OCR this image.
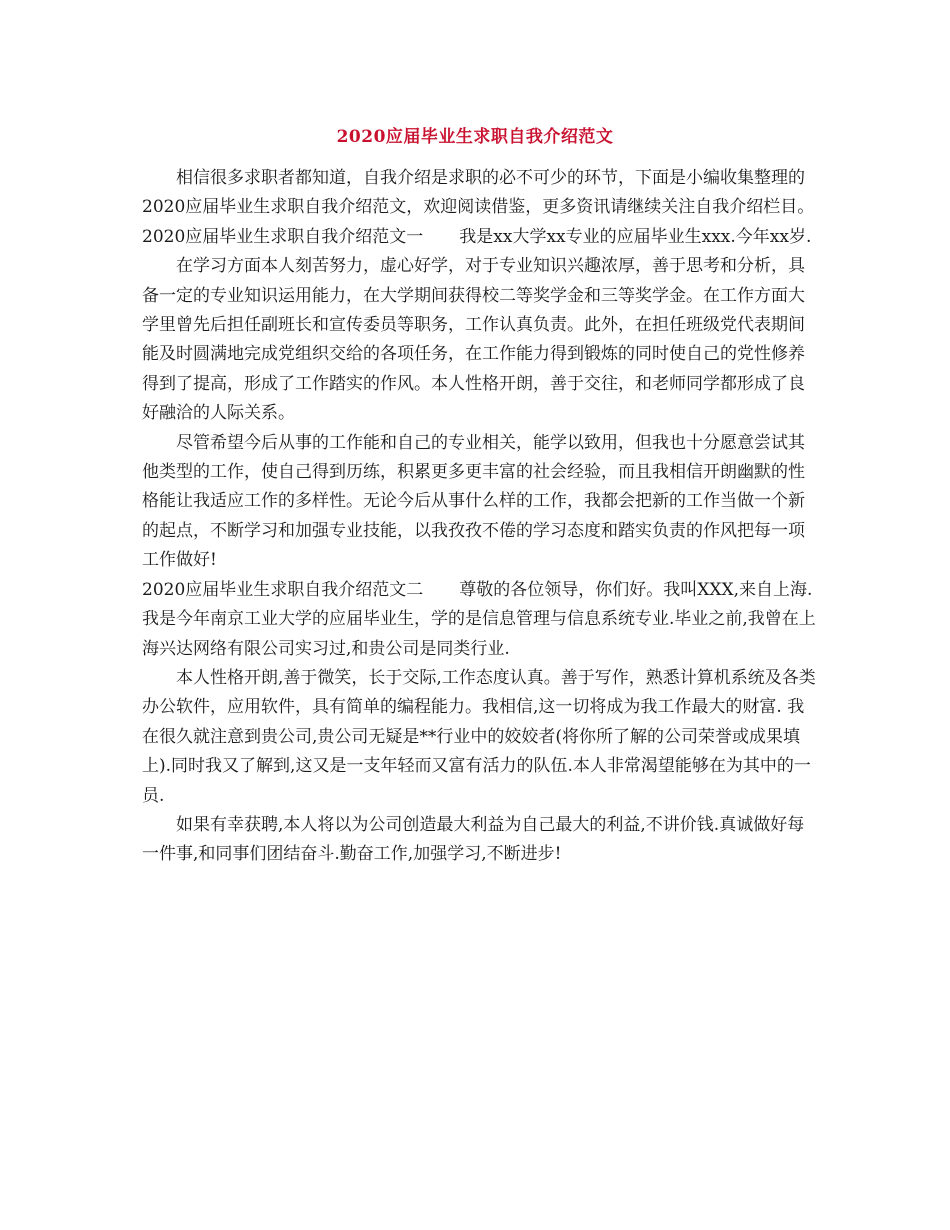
2020应届毕业生求职自我介绍范文

相信很多求职者都知道，自我介绍是求职的必不可少的环节，下面是小编收集整理的2020应届毕业生求职自我介绍范文，欢迎阅读借鉴，更多资讯请继续关注自我介绍栏目。

2020应届毕业生求职自我介绍范文一 我是xx大学xx专业的应届毕业生xxx.今年xx岁.

在学习方面本人刻苦努力，虚心好学，对于专业知识兴趣浓厚，善于思考和分析，具备一定的专业知识运用能力，在大学期间获得校二等奖学金和三等奖学金。在工作方面大学里曾先后担任副班长和宣传委员等职务，工作认真负责。此外，在担任班级党代表期间能及时圆满地完成党组织交给的各项任务，在工作能力得到锻炼的同时使自己的党性修养得到了提高，形成了工作踏实的作风。本人性格开朗，善于交往，和老师同学都形成了良好融洽的人际关系。

尽管希望今后从事的工作能和自己的专业相关，能学以致用，但我也十分愿意尝试其他类型的工作，使自己得到历练，积累更多更丰富的社会经验，而且我相信开朗幽默的性格能让我适应工作的多样性。无论今后从事什么样的工作，我都会把新的工作当做一个新的起点，不断学习和加强专业技能，以我孜孜不倦的学习态度和踏实负责的作风把每一项工作做好!

2020应届毕业生求职自我介绍范文二 尊敬的各位领导，你们好。我叫XXX,来自上海.我是今年南京工业大学的应届毕业生，学的是信息管理与信息系统专业.毕业之前,我曾在上海兴达网络有限公司实习过,和贵公司是同类行业.

本人性格开朗,善于微笑，长于交际,工作态度认真。善于写作，熟悉计算机系统及各类办公软件，应用软件，具有简单的编程能力。我相信,这一切将成为我工作最大的财富. 我在很久就注意到贵公司,贵公司无疑是**行业中的姣姣者(将你所了解的公司荣誉或成果填上).同时我又了解到,这又是一支年轻而又富有活力的队伍.本人非常渴望能够在为其中的一员.

如果有幸获聘,本人将以为公司创造最大利益为自己最大的利益,不讲价钱.真诚做好每一件事,和同事们团结奋斗.勤奋工作,加强学习,不断进步!
